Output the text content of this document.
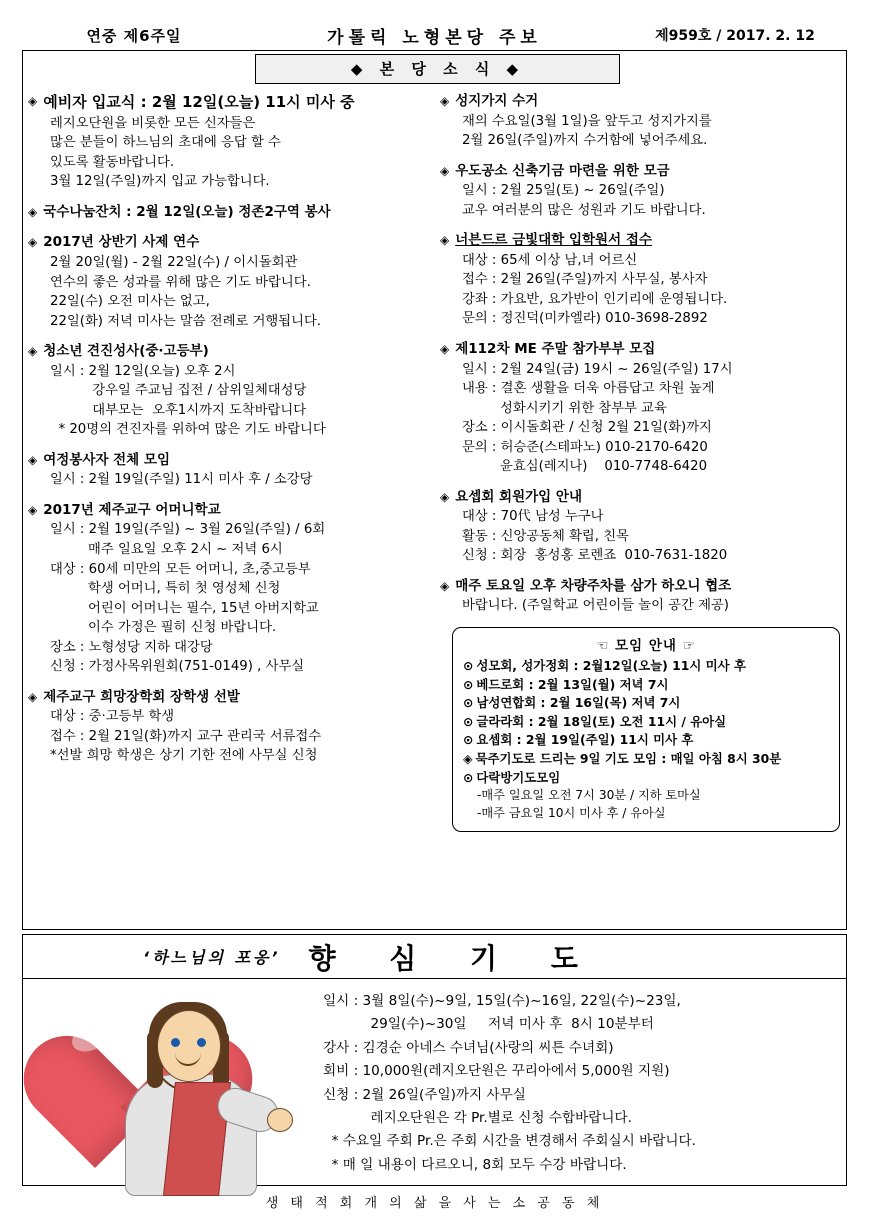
연중 제6주일	가톨릭 노형본당 주보	제959호 / 2017. 2. 12
◆ 본 당 소 식 ◆
◈ 예비자 입교식 : 2월 12일(오늘) 11시 미사 중
레지오단원을 비롯한 모든 신자들은
많은 분들이 하느님의 초대에 응답 할 수
있도록 활동바랍니다.
3월 12일(주일)까지 입교 가능합니다.
◈ 국수나눔잔치 : 2월 12일(오늘) 정존2구역 봉사
◈ 2017년 상반기 사제 연수
2월 20일(월) - 2월 22일(수) / 이시돌회관
연수의 좋은 성과를 위해 많은 기도 바랍니다.
22일(수) 오전 미사는 없고,
22일(화) 저녁 미사는 말씀 전례로 거행됩니다.
◈ 청소년 견진성사(중·고등부)
일시 : 2월 12일(오늘) 오후 2시
강우일 주교님 집전 / 삼위일체대성당
대부모는  오후1시까지 도착바랍니다
* 20명의 견진자를 위하여 많은 기도 바랍니다
◈ 여정봉사자 전체 모임
일시 : 2월 19일(주일) 11시 미사 후 / 소강당
◈ 2017년 제주교구 어머니학교
일시 : 2월 19일(주일) ~ 3월 26일(주일) / 6회
매주 일요일 오후 2시 ~ 저녁 6시
대상 : 60세 미만의 모든 어머니, 초,중고등부
학생 어머니, 특히 첫 영성체 신청
어린이 어머니는 필수, 15년 아버지학교
이수 가정은 필히 신청 바랍니다.
장소 : 노형성당 지하 대강당
신청 : 가정사목위원회(751-0149) , 사무실
◈ 제주교구 희망장학회 장학생 선발
대상 : 중·고등부 학생
접수 : 2월 21일(화)까지 교구 관리국 서류접수
*선발 희망 학생은 상기 기한 전에 사무실 신청
◈ 성지가지 수거
재의 수요일(3월 1일)을 앞두고 성지가지를
2월 26일(주일)까지 수거함에 넣어주세요.
◈ 우도공소 신축기금 마련을 위한 모금
일시 : 2월 25일(토) ~ 26일(주일)
교우 여러분의 많은 성원과 기도 바랍니다.
◈ 너븐드르 금빛대학 입학원서 접수
대상 : 65세 이상 남,녀 어르신
접수 : 2월 26일(주일)까지 사무실, 봉사자
강좌 : 가요반, 요가반이 인기리에 운영됩니다.
문의 : 정진덕(미카엘라) 010-3698-2892
◈ 제112차 ME 주말 참가부부 모집
일시 : 2월 24일(금) 19시 ~ 26일(주일) 17시
내용 : 결혼 생활을 더욱 아름답고 차원 높게
성화시키기 위한 참부부 교육
장소 : 이시돌회관 / 신청 2월 21일(화)까지
문의 : 허승준(스테파노) 010-2170-6420
윤효심(레지나)    010-7748-6420
◈ 요셉회 회원가입 안내
대상 : 70代 남성 누구나
활동 : 신앙공동체 확립, 친목
신청 : 회장  홍성홍 로렌죠  010-7631-1820
◈ 매주 토요일 오후 차량주차를 삼가 하오니 협조
바랍니다. (주일학교 어린이들 놀이 공간 제공)
☜ 모임 안내 ☞
⊙ 성모회, 성가정회 : 2월12일(오늘) 11시 미사 후
⊙ 베드로회 : 2월 13일(월) 저녁 7시
⊙ 남성연합회 : 2월 16일(목) 저녁 7시
⊙ 글라라회 : 2월 18일(토) 오전 11시 / 유아실
⊙ 요셉회 : 2월 19일(주일) 11시 미사 후
◈ 묵주기도로 드리는 9일 기도 모임 : 매일 아침 8시 30분
⊙ 다락방기도모임
-매주 일요일 오전 7시 30분 / 지하 토마실
-매주 금요일 10시 미사 후 / 유아실
‘하느님의 포옹’ 향 심 기 도
일시 : 3월 8일(수)~9일, 15일(수)~16일, 22일(수)~23일,
29일(수)~30일     저녁 미사 후  8시 10분부터
강사 : 김경순 아네스 수녀님(사랑의 씨튼 수녀회)
회비 : 10,000원(레지오단원은 꾸리아에서 5,000원 지원)
신청 : 2월 26일(주일)까지 사무실
레지오단원은 각 Pr.별로 신청 수합바랍니다.
* 수요일 주회 Pr.은 주회 시간을 변경해서 주회실시 바랍니다.
* 매 일 내용이 다르오니, 8회 모두 수강 바랍니다.
생 태 적 회 개 의 삶 을 사 는 소 공 동 체
